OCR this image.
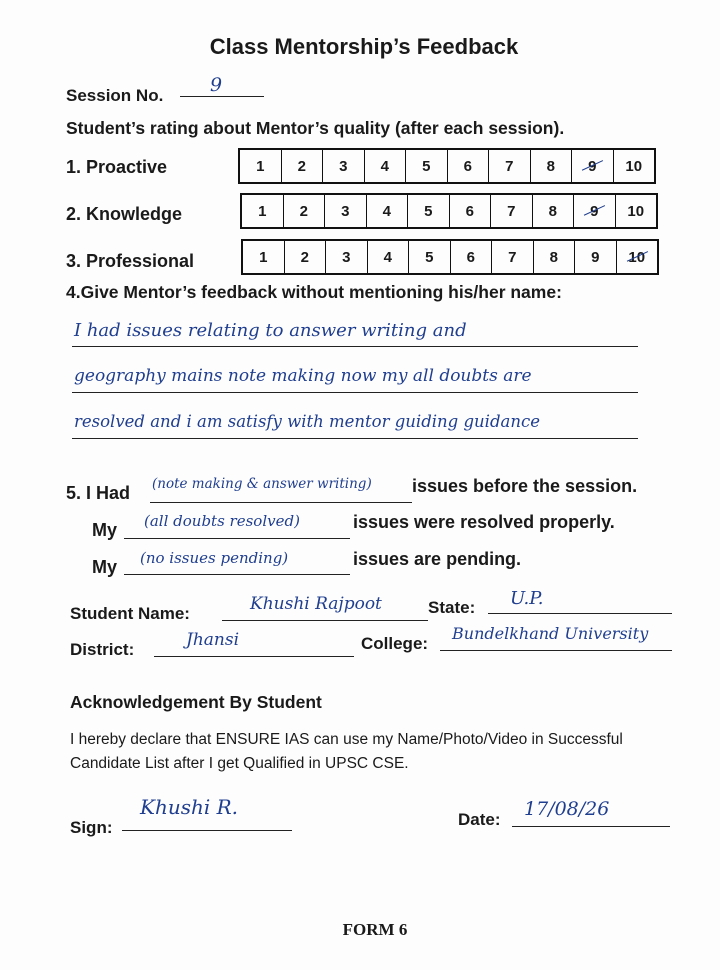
Class Mentorship’s Feedback
Session No. 9
Student’s rating about Mentor’s quality (after each session).
1. Proactive	1	2	3	4	5	6	7	8	9	10
2. Knowledge	1	2	3	4	5	6	7	8	9	10
3. Professional	1	2	3	4	5	6	7	8	9	10
4.Give Mentor’s feedback without mentioning his/her name:
I had issues relating to answer writing and
geography mains note making now my all doubts are
resolved and i am satisfy with mentor guiding guidance
5. I Had (note making & answer writing) issues before the session.
My (all doubts resolved)	issues were resolved properly.
My (no issues pending)	issues are pending.
Student Name:	Khushi Rajpoot	State: U.P.
District:	Jhansi	College:
Bundelkhand University
Acknowledgement By Student
I hereby declare that ENSURE IAS can use my Name/Photo/Video in Successful
Candidate List after I get Qualified in UPSC CSE.
Sign:
Khushi R.
Date: 17/08/26
FORM 6
